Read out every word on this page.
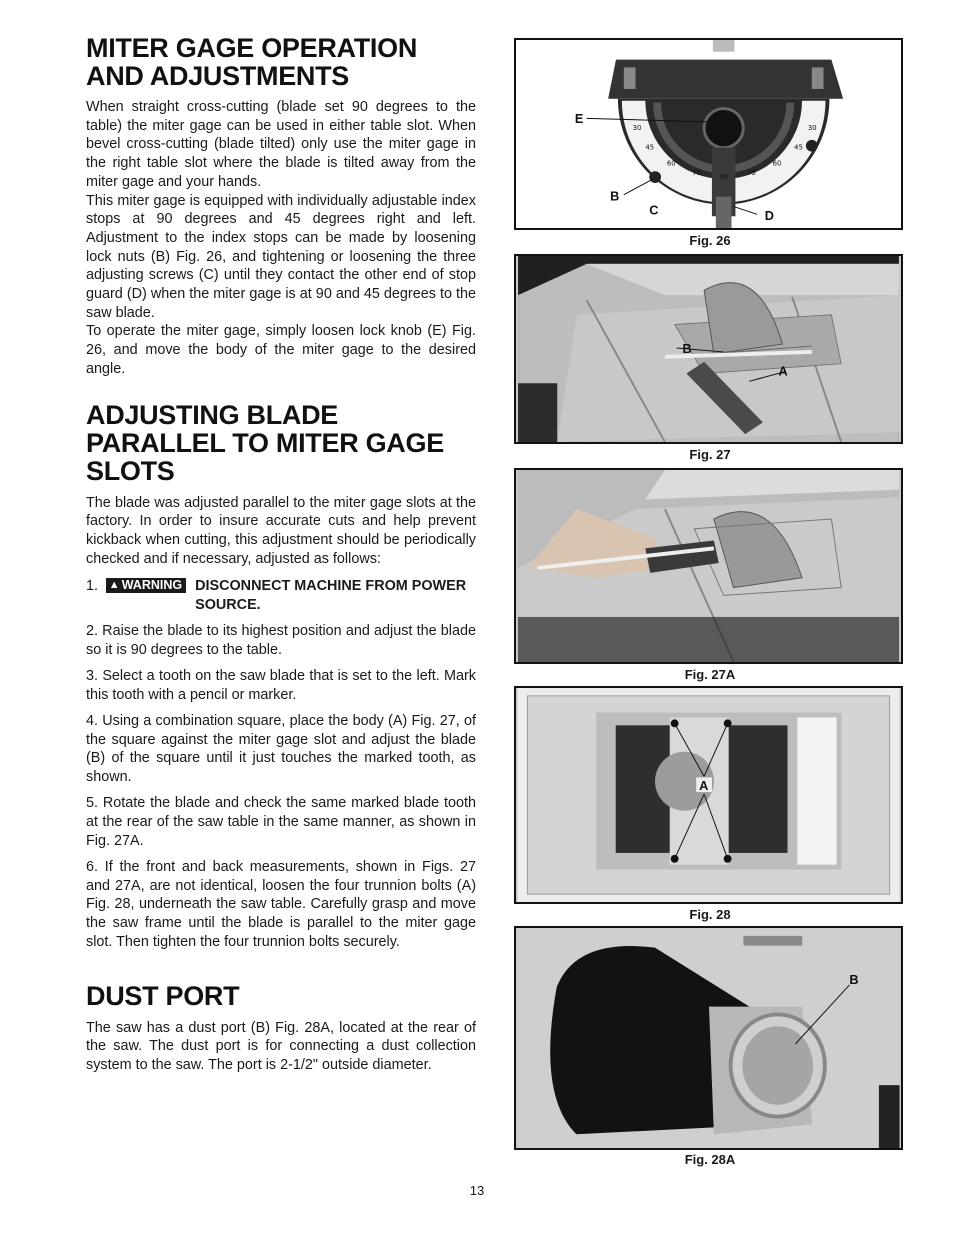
MITER GAGE OPERATION AND ADJUSTMENTS

When straight cross-cutting (blade set 90 degrees to the table) the miter gage can be used in either table slot. When bevel cross-cutting (blade tilted) only use the miter gage in the right table slot where the blade is tilted away from the miter gage and your hands.

This miter gage is equipped with individually adjustable index stops at 90 degrees and 45 degrees right and left. Adjustment to the index stops can be made by loosening lock nuts (B) Fig. 26, and tightening or loosening the three adjusting screws (C) until they contact the other end of stop guard (D) when the miter gage is at 90 and 45 degrees to the saw blade.

To operate the miter gage, simply loosen lock knob (E) Fig. 26, and move the body of the miter gage to the desired angle.

ADJUSTING BLADE PARALLEL TO MITER GAGE SLOTS

The blade was adjusted parallel to the miter gage slots at the factory. In order to insure accurate cuts and help prevent kickback when cutting, this adjustment should be periodically checked and if necessary, adjusted as follows:

1. ▲ WARNING DISCONNECT MACHINE FROM POWER SOURCE.
2. Raise the blade to its highest position and adjust the blade so it is 90 degrees to the table.
3. Select a tooth on the saw blade that is set to the left. Mark this tooth with a pencil or marker.
4. Using a combination square, place the body (A) Fig. 27, of the square against the miter gage slot and adjust the blade (B) of the square until it just touches the marked tooth, as shown.
5. Rotate the blade and check the same marked blade tooth at the rear of the saw table in the same manner, as shown in Fig. 27A.
6. If the front and back measurements, shown in Figs. 27 and 27A, are not identical, loosen the four trunnion bolts (A) Fig. 28, underneath the saw table. Carefully grasp and move the saw frame until the blade is parallel to the miter gage slot. Then tighten the four trunnion bolts securely.
DUST PORT

The saw has a dust port (B) Fig. 28A, located at the rear of the saw. The dust port is for connecting a dust collection system to the saw. The port is 2-1/2" outside diameter.

30
45
60
75	90	75
60
45
30
E
B
C	D
Fig. 26
B
A
Fig. 27
Fig. 27A
A
Fig. 28
B
Fig. 28A
13
